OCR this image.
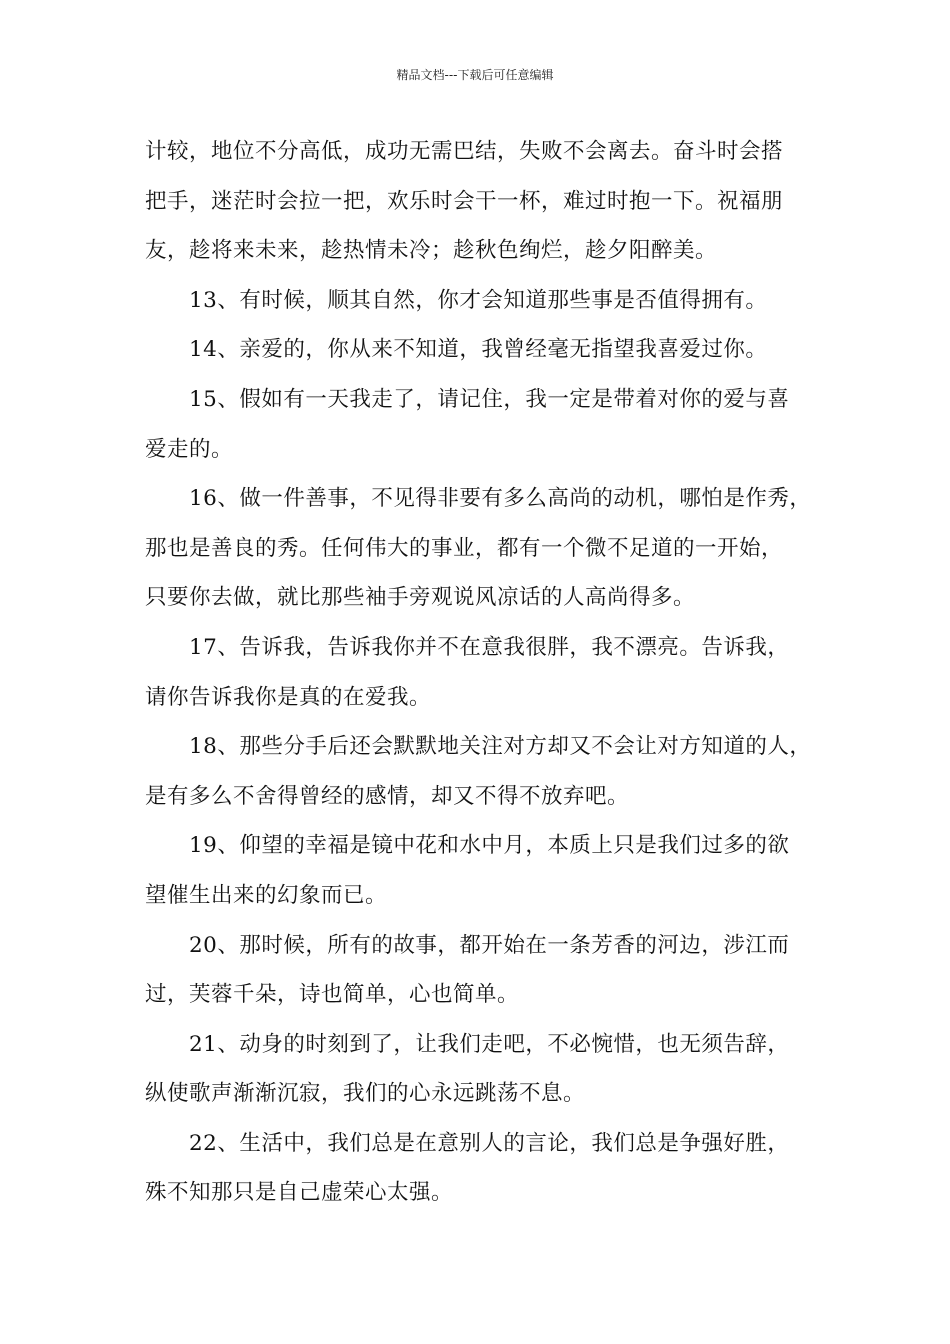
精品文档---下载后可任意编辑

计较，地位不分高低，成功无需巴结，失败不会离去。奋斗时会搭
把手，迷茫时会拉一把，欢乐时会干一杯，难过时抱一下。祝福朋
友，趁将来未来，趁热情未冷；趁秋色绚烂，趁夕阳醉美。

13、有时候，顺其自然，你才会知道那些事是否值得拥有。

14、亲爱的，你从来不知道，我曾经毫无指望我喜爱过你。

15、假如有一天我走了，请记住，我一定是带着对你的爱与喜
爱走的。

16、做一件善事，不见得非要有多么高尚的动机，哪怕是作秀，
那也是善良的秀。任何伟大的事业，都有一个微不足道的一开始，
只要你去做，就比那些袖手旁观说风凉话的人高尚得多。

17、告诉我，告诉我你并不在意我很胖，我不漂亮。告诉我，
请你告诉我你是真的在爱我。

18、那些分手后还会默默地关注对方却又不会让对方知道的人，
是有多么不舍得曾经的感情，却又不得不放弃吧。

19、仰望的幸福是镜中花和水中月，本质上只是我们过多的欲
望催生出来的幻象而已。

20、那时候，所有的故事，都开始在一条芳香的河边，涉江而
过，芙蓉千朵，诗也简单，心也简单。

21、动身的时刻到了，让我们走吧，不必惋惜，也无须告辞，
纵使歌声渐渐沉寂，我们的心永远跳荡不息。

22、生活中，我们总是在意别人的言论，我们总是争强好胜，
殊不知那只是自己虚荣心太强。
